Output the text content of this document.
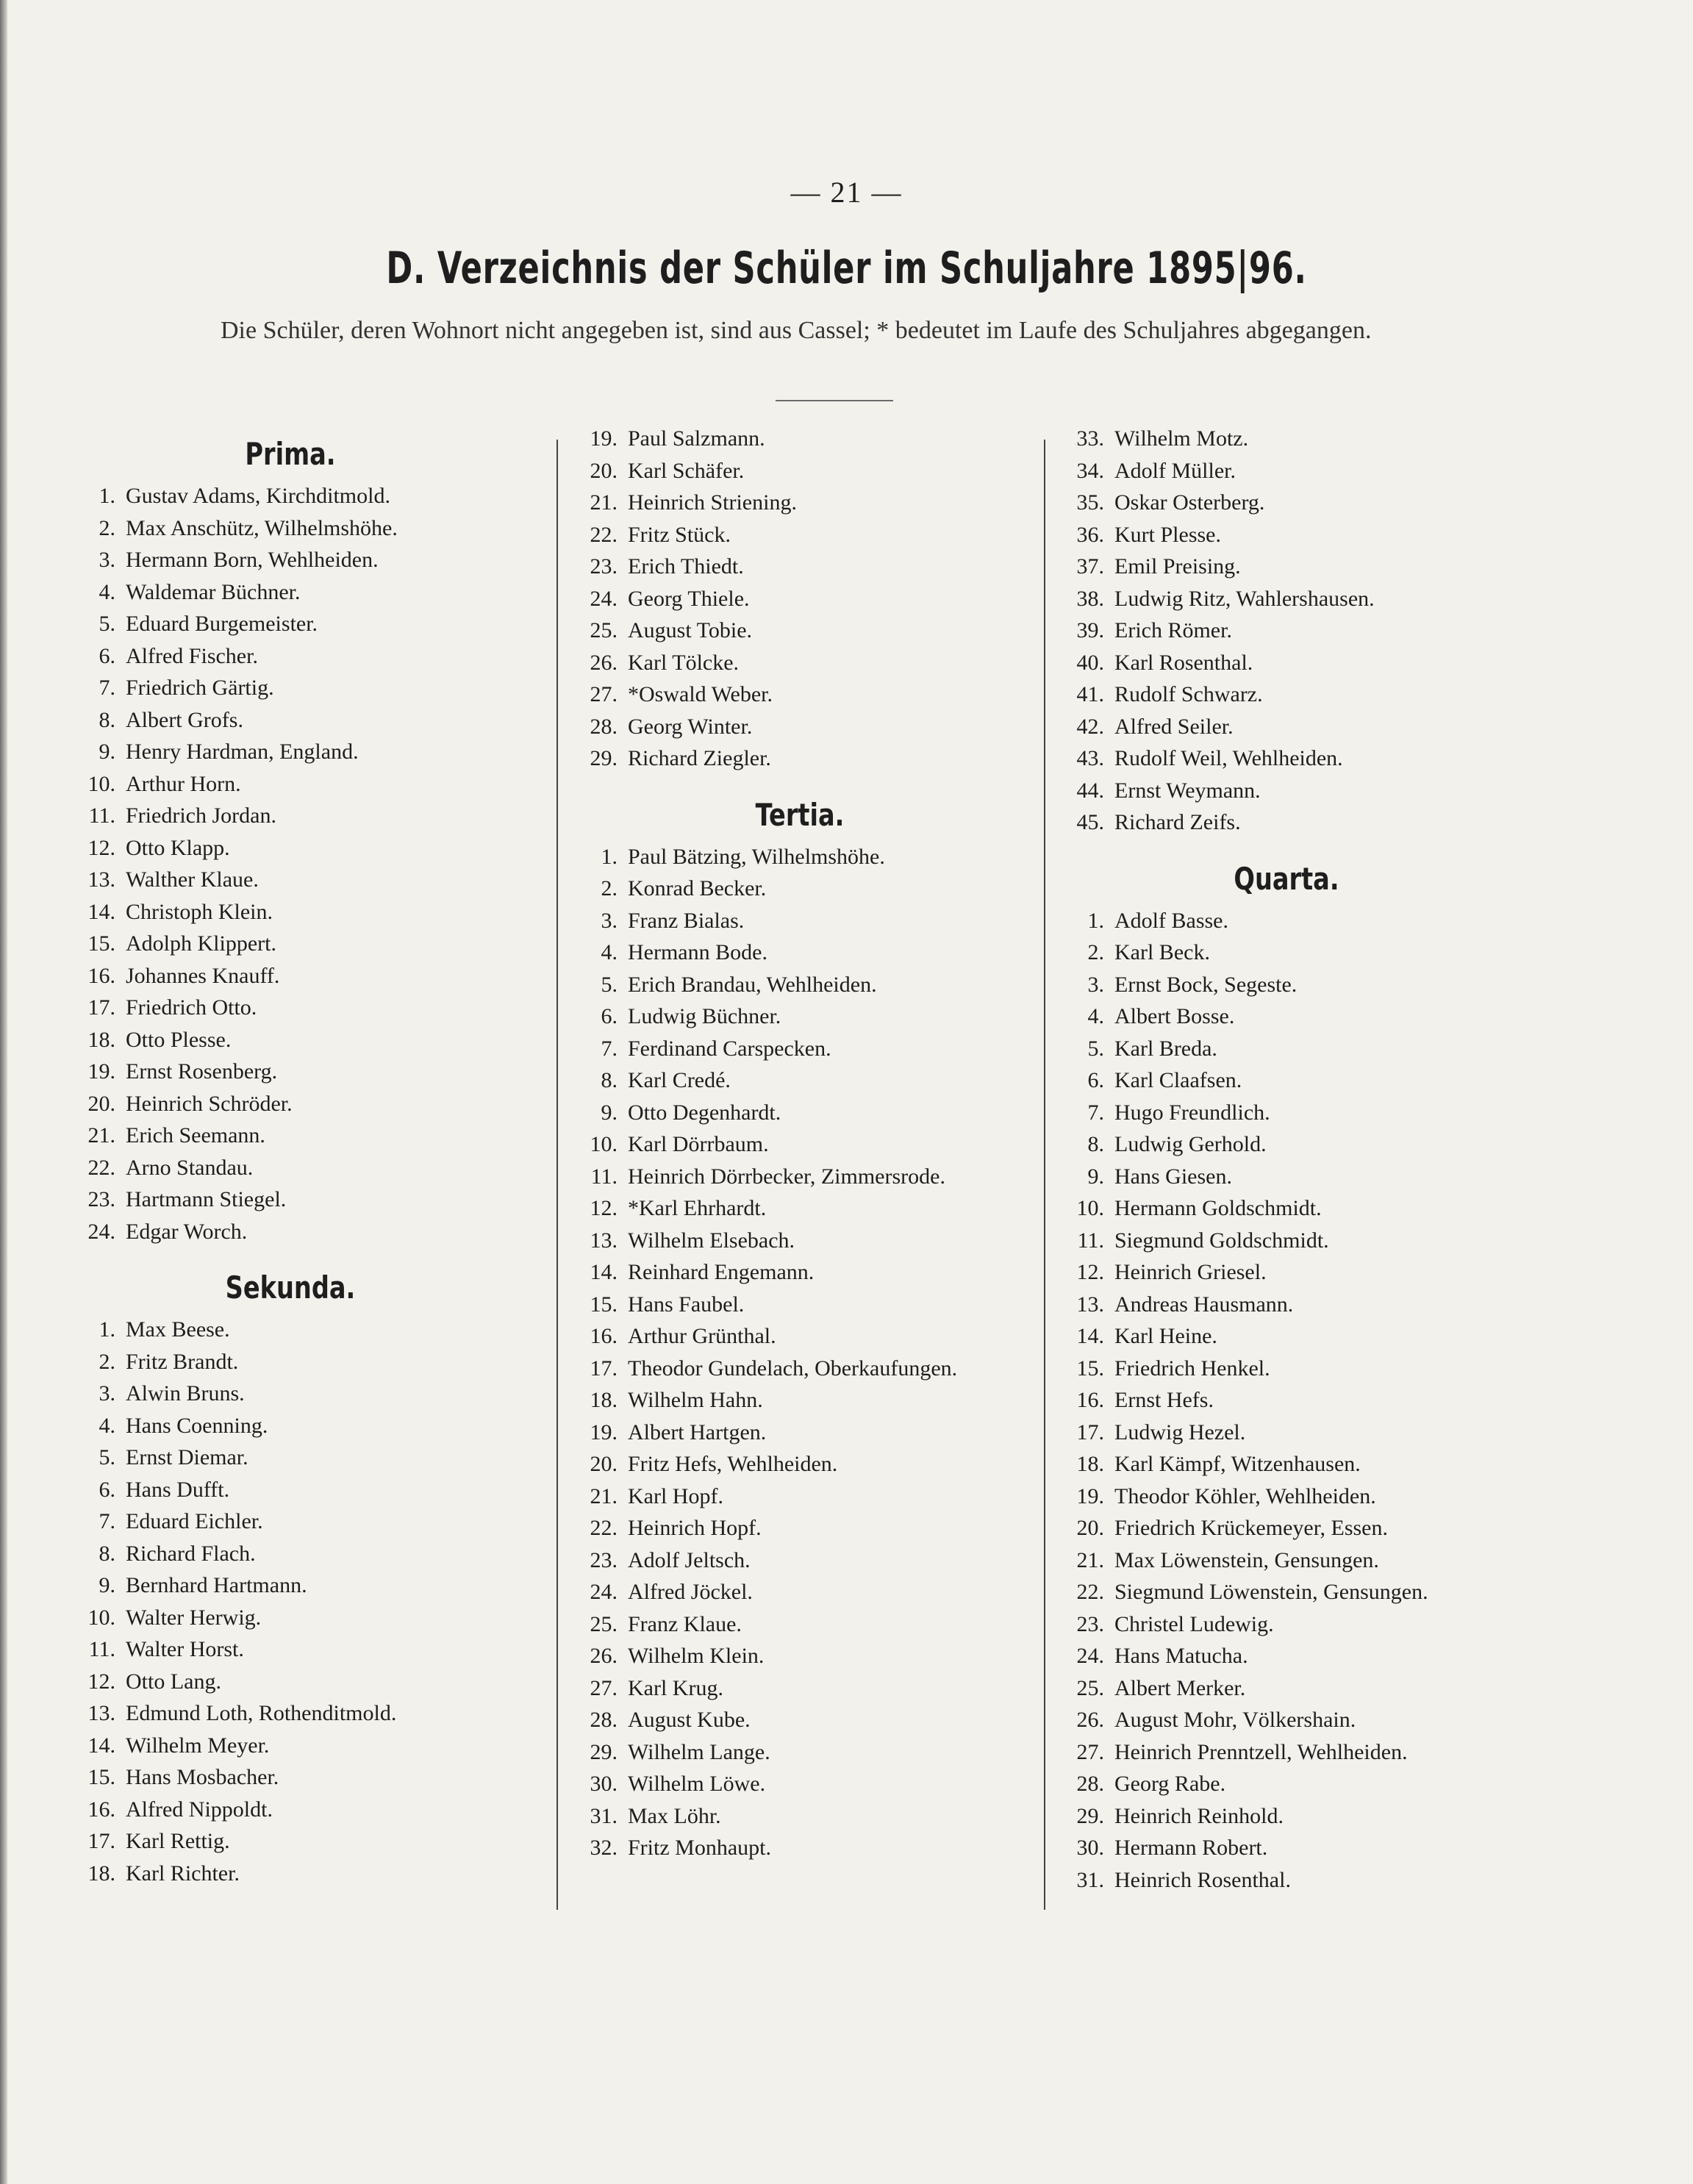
— 21 —
D. Verzeichnis der Schüler im Schuljahre 1895|96.
Die Schüler, deren Wohnort nicht angegeben ist, sind aus Cassel; * bedeutet im Laufe des Schuljahres abgegangen.
Prima.
1. Gustav Adams, Kirchditmold.
2. Max Anschütz, Wilhelmshöhe.
3. Hermann Born, Wehlheiden.
4. Waldemar Büchner.
5. Eduard Burgemeister.
6. Alfred Fischer.
7. Friedrich Gärtig.
8. Albert Grofs.
9. Henry Hardman, England.
10. Arthur Horn.
11. Friedrich Jordan.
12. Otto Klapp.
13. Walther Klaue.
14. Christoph Klein.
15. Adolph Klippert.
16. Johannes Knauff.
17. Friedrich Otto.
18. Otto Plesse.
19. Ernst Rosenberg.
20. Heinrich Schröder.
21. Erich Seemann.
22. Arno Standau.
23. Hartmann Stiegel.
24. Edgar Worch.
Sekunda.
1. Max Beese.
2. Fritz Brandt.
3. Alwin Bruns.
4. Hans Coenning.
5. Ernst Diemar.
6. Hans Dufft.
7. Eduard Eichler.
8. Richard Flach.
9. Bernhard Hartmann.
10. Walter Herwig.
11. Walter Horst.
12. Otto Lang.
13. Edmund Loth, Rothenditmold.
14. Wilhelm Meyer.
15. Hans Mosbacher.
16. Alfred Nippoldt.
17. Karl Rettig.
18. Karl Richter.
19. Paul Salzmann.
20. Karl Schäfer.
21. Heinrich Striening.
22. Fritz Stück.
23. Erich Thiedt.
24. Georg Thiele.
25. August Tobie.
26. Karl Tölcke.
27. *Oswald Weber.
28. Georg Winter.
29. Richard Ziegler.
Tertia.
1. Paul Bätzing, Wilhelmshöhe.
2. Konrad Becker.
3. Franz Bialas.
4. Hermann Bode.
5. Erich Brandau, Wehlheiden.
6. Ludwig Büchner.
7. Ferdinand Carspecken.
8. Karl Credé.
9. Otto Degenhardt.
10. Karl Dörrbaum.
11. Heinrich Dörrbecker, Zimmersrode.
12. *Karl Ehrhardt.
13. Wilhelm Elsebach.
14. Reinhard Engemann.
15. Hans Faubel.
16. Arthur Grünthal.
17. Theodor Gundelach, Oberkaufungen.
18. Wilhelm Hahn.
19. Albert Hartgen.
20. Fritz Hefs, Wehlheiden.
21. Karl Hopf.
22. Heinrich Hopf.
23. Adolf Jeltsch.
24. Alfred Jöckel.
25. Franz Klaue.
26. Wilhelm Klein.
27. Karl Krug.
28. August Kube.
29. Wilhelm Lange.
30. Wilhelm Löwe.
31. Max Löhr.
32. Fritz Monhaupt.
33. Wilhelm Motz.
34. Adolf Müller.
35. Oskar Osterberg.
36. Kurt Plesse.
37. Emil Preising.
38. Ludwig Ritz, Wahlershausen.
39. Erich Römer.
40. Karl Rosenthal.
41. Rudolf Schwarz.
42. Alfred Seiler.
43. Rudolf Weil, Wehlheiden.
44. Ernst Weymann.
45. Richard Zeifs.
Quarta.
1. Adolf Basse.
2. Karl Beck.
3. Ernst Bock, Segeste.
4. Albert Bosse.
5. Karl Breda.
6. Karl Claafsen.
7. Hugo Freundlich.
8. Ludwig Gerhold.
9. Hans Giesen.
10. Hermann Goldschmidt.
11. Siegmund Goldschmidt.
12. Heinrich Griesel.
13. Andreas Hausmann.
14. Karl Heine.
15. Friedrich Henkel.
16. Ernst Hefs.
17. Ludwig Hezel.
18. Karl Kämpf, Witzenhausen.
19. Theodor Köhler, Wehlheiden.
20. Friedrich Krückemeyer, Essen.
21. Max Löwenstein, Gensungen.
22. Siegmund Löwenstein, Gensungen.
23. Christel Ludewig.
24. Hans Matucha.
25. Albert Merker.
26. August Mohr, Völkershain.
27. Heinrich Prenntzell, Wehlheiden.
28. Georg Rabe.
29. Heinrich Reinhold.
30. Hermann Robert.
31. Heinrich Rosenthal.
